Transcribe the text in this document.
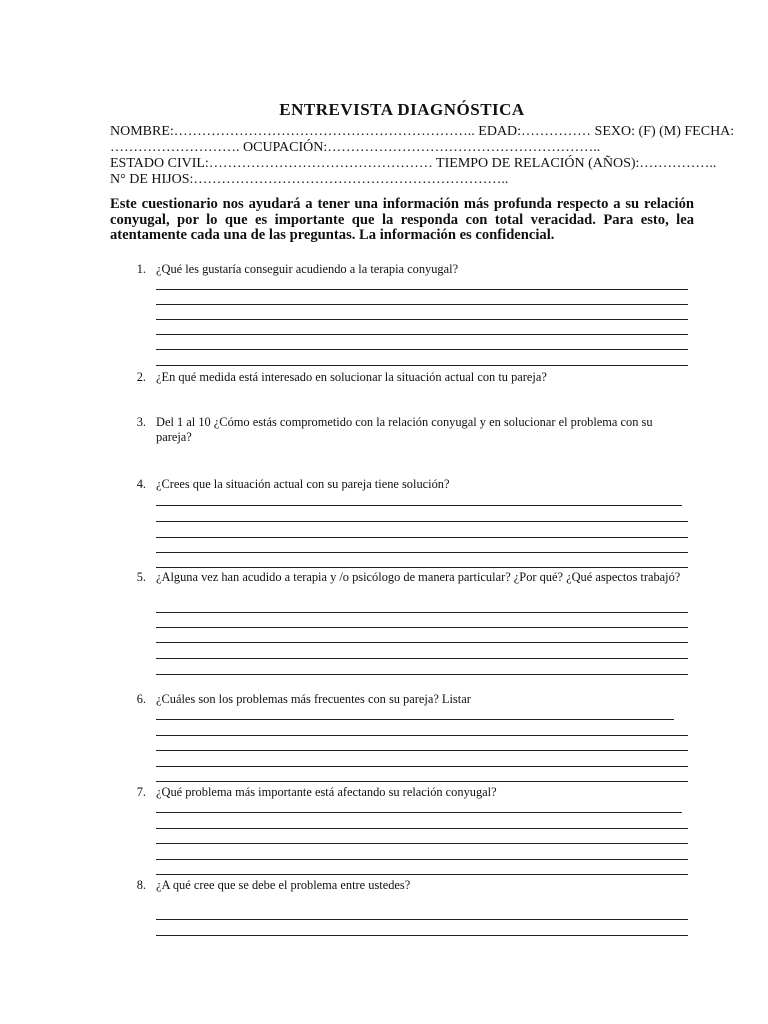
ENTREVISTA DIAGNÓSTICA
NOMBRE:……………………………………………………….. EDAD:…………… SEXO: (F) (M) FECHA:
………………………. OCUPACIÓN:…………………………………………………..
ESTADO CIVIL:………………………………………… TIEMPO DE RELACIÓN (AÑOS):……………..
N° DE HIJOS:…………………………………………………………..
Este cuestionario nos ayudará a tener una información más profunda respecto a su relación conyugal, por lo que es importante que la responda con total veracidad. Para esto, lea atentamente cada una de las preguntas. La información es confidencial.
1. ¿Qué les gustaría conseguir acudiendo a la terapia conyugal?
2. ¿En qué medida está interesado en solucionar la situación actual con tu pareja?
3. Del 1 al 10 ¿Cómo estás comprometido con la relación conyugal y en solucionar el problema con su pareja?
4. ¿Crees que la situación actual con su pareja tiene solución?
5. ¿Alguna vez han acudido a terapia y /o psicólogo de manera particular? ¿Por qué? ¿Qué aspectos trabajó?
6. ¿Cuáles son los problemas más frecuentes con su pareja? Listar
7. ¿Qué problema más importante está afectando su relación conyugal?
8. ¿A qué cree que se debe el problema entre ustedes?
